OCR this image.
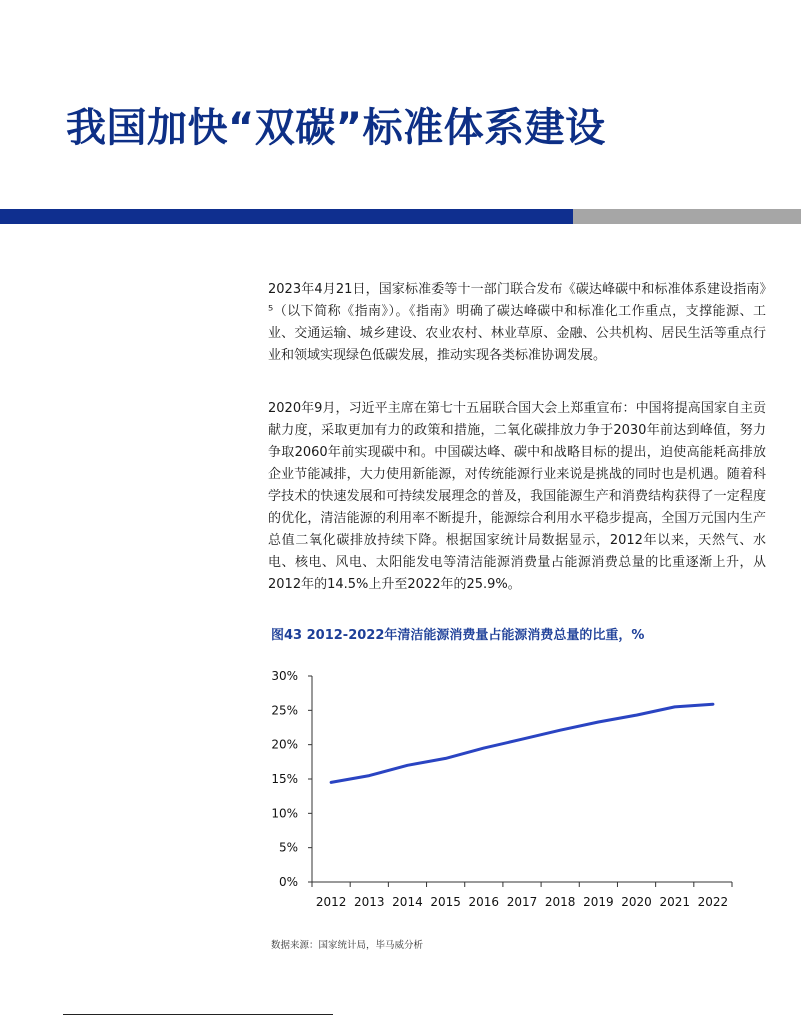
我国加快“双碳”标准体系建设

2023年4月21日，国家标准委等十一部门联合发布《碳达峰碳中和标准体系建设指南》⁵（以下简称《指南》）。《指南》明确了碳达峰碳中和标准化工作重点，支撑能源、工业、交通运输、城乡建设、农业农村、林业草原、金融、公共机构、居民生活等重点行业和领域实现绿色低碳发展，推动实现各类标准协调发展。

2020年9月，习近平主席在第七十五届联合国大会上郑重宣布：中国将提高国家自主贡献力度，采取更加有力的政策和措施，二氧化碳排放力争于2030年前达到峰值，努力争取2060年前实现碳中和。中国碳达峰、碳中和战略目标的提出，迫使高能耗高排放企业节能减排，大力使用新能源，对传统能源行业来说是挑战的同时也是机遇。随着科学技术的快速发展和可持续发展理念的普及，我国能源生产和消费结构获得了一定程度的优化，清洁能源的利用率不断提升，能源综合利用水平稳步提高，全国万元国内生产总值二氧化碳排放持续下降。根据国家统计局数据显示，2012年以来，天然气、水电、核电、风电、太阳能发电等清洁能源消费量占能源消费总量的比重逐渐上升，从2012年的14.5%上升至2022年的25.9%。

图43 2012-2022年清洁能源消费量占能源消费总量的比重，%
0%
5%
10%
15%
20%
25%
30%
2012 2013 2014 2015 2016 2017 2018 2019 2020 2021 2022
数据来源：国家统计局，毕马威分析
